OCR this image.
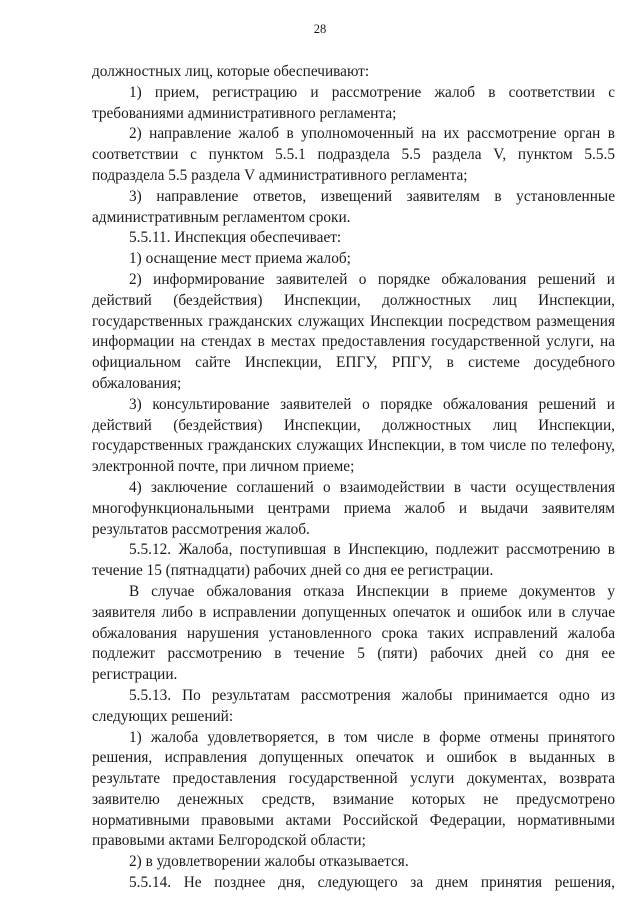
28

должностных лиц, которые обеспечивают:

1) прием, регистрацию и рассмотрение жалоб в соответствии с требованиями административного регламента;

2) направление жалоб в уполномоченный на их рассмотрение орган в соответствии с пунктом 5.5.1 подраздела 5.5 раздела V, пунктом 5.5.5 подраздела 5.5 раздела V административного регламента;

3) направление ответов, извещений заявителям в установленные административным регламентом сроки.

5.5.11. Инспекция обеспечивает:

1) оснащение мест приема жалоб;

2) информирование заявителей о порядке обжалования решений и действий (бездействия) Инспекции, должностных лиц Инспекции, государственных гражданских служащих Инспекции посредством размещения информации на стендах в местах предоставления государственной услуги, на официальном сайте Инспекции, ЕПГУ, РПГУ, в системе досудебного обжалования;

3) консультирование заявителей о порядке обжалования решений и действий (бездействия) Инспекции, должностных лиц Инспекции, государственных гражданских служащих Инспекции, в том числе по телефону, электронной почте, при личном приеме;

4) заключение соглашений о взаимодействии в части осуществления многофункциональными центрами приема жалоб и выдачи заявителям результатов рассмотрения жалоб.

5.5.12. Жалоба, поступившая в Инспекцию, подлежит рассмотрению в течение 15 (пятнадцати) рабочих дней со дня ее регистрации.

В случае обжалования отказа Инспекции в приеме документов у заявителя либо в исправлении допущенных опечаток и ошибок или в случае обжалования нарушения установленного срока таких исправлений жалоба подлежит рассмотрению в течение 5 (пяти) рабочих дней со дня ее регистрации.

5.5.13. По результатам рассмотрения жалобы принимается одно из следующих решений:

1) жалоба удовлетворяется, в том числе в форме отмены принятого решения, исправления допущенных опечаток и ошибок в выданных в результате предоставления государственной услуги документах, возврата заявителю денежных средств, взимание которых не предусмотрено нормативными правовыми актами Российской Федерации, нормативными правовыми актами Белгородской области;

2) в удовлетворении жалобы отказывается.

5.5.14. Не позднее дня, следующего за днем принятия решения,
